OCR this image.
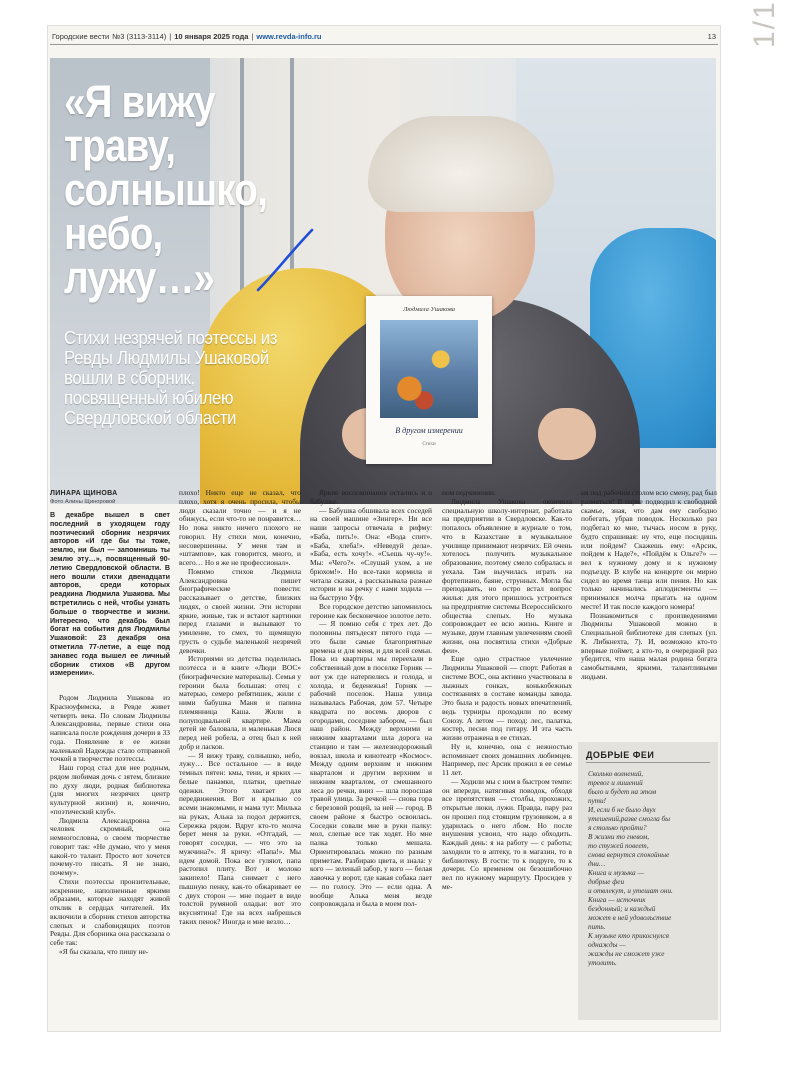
1/1
Городские вести №3 (3113-3114) | 10 января 2025 года | www.revda-info.ru	13
Людмила Ушакова
В другом измерении
Стихи
«Я вижу траву, солнышко, небо, лужу…»
Стихи незрячей поэтессы из Ревды Людмилы Ушаковой вошли в сборник, посвященный юбилею Свердловской области
ЛИНАРА ЩИНОВА
Фото Алины Щиноровой
В декабре вышел в свет последний в уходящем году поэтический сборник незрячих авторов «И где бы ты тоже, землю, ни был — запомнишь ты землю эту…», посвященный 90-летию Свердловской области. В него вошли стихи двенадцати авторов, среди которых реадкина Людмила Ушакова. Мы встретились с ней, чтобы узнать больше о творчестве и жизни. Интересно, что декабрь был богат на события для Людмилы Ушаковой: 23 декабря она отметила 77-летие, а еще под занавес года вышел ее личный сборник стихов «В другом измерении».

Родом Людмила Ушакова из Красноуфимска, в Ревде живет четверть века. По словам Людмилы Александровны, первые стихи она написала после рождения дочери в 33 года. Появление в ее жизни маленькой Надежды стало отправной точкой в творчестве поэтессы.

Наш город стал для нее родным, рядом любимая дочь с зятем, близкие по духу люди, родная библиотека (для многих незрячих центр культурной жизни) и, конечно, «поэтический клуб».

Людмила Александровна — человек скромный, она немногословна, о своем творчестве говорит так: «Не думаю, что у меня какой-то талант. Просто вот хочется почему-то писать. Я не знаю, почему».

Стихи поэтессы пронзительные, искренние, наполненные яркими образами, которые находят живой отклик в сердцах читателей. Их включили в сборник стихов авторства слепых и слабовидящих поэтов Ревды. Для сборника она рассказала о себе так:

«Я бы сказала, что пишу не-

плохо! Никто еще не сказал, что плохо, хотя я очень просила, чтобы люди сказали точно — и я не обижусь, если что-то не понравится… Но пока никто ничего плохого не говорил. Ну стихи мои, конечно, несовершенны. У меня там и «штампов», как говорится, много, и всего… Но я же не профессионал».

Помимо стихов Людмила Александровна пишет биографические повести: рассказывает о детстве, близких людях, о своей жизни. Эти истории яркие, живые, так и встают картинки перед глазами и вызывают то умиление, то смех, то щемящую грусть о судьбе маленькой незрячей девочки.

Историями из детства поделилась поэтесса и в книге «Люди ВОС» (биографические материалы). Семья у героини была большая: отец с матерью, семеро ребятишек, жили с ними бабушка Маня и папина племянница Каша. Жили в полуподвальной квартире. Мама детей не баловала, и маленькая Люся перед ней робела, а отец был к ней добр и ласков.

— Я вижу траву, солнышко, небо, лужу… Все остальное — в виде темных пятен: кмы, тени, и ярких — белые панамки, платки, цветные одежки. Этого хватает для передвижения. Вот и крылью со всеми знакомыми, и мама тут: Милька на руках, Алька за подол держится, Сережка рядом. Вдруг кто-то молча берет меня за руки. «Отгадай, — говорят соседки, — что это за мужчина?». Я кричу: «Папа!». Мы идем домой. Пока все гуляют, папа растопил плиту. Вот и молоко закипело! Папа снимает с него пышную пенку, как-то обжаривает ее с двух сторон — мне подает в виде толстой румяной оладьи: вот это вкуснятина! Где на всех набрешься таких пенок? Иногда и мне везло…

Яркие воспоминания остались и о бабушке.

— Бабушка обшивала всех соседей на своей машине «Зингер». Ни все наши запросы отвечала в рифму: «Баба, пить!». Она: «Вода спит». «Баба, хлеба!». «Неведуй дела». «Баба, есть хочу!». «Съешь чу-чу!». Мы: «Чего?». «Слушай ухом, а не брюхом!». Но все-таки кормила и читала сказки, а рассказывала разные истории и на речку с нами ходила — на быструю Уфу.

Все городское детство запомнилось героине как бесконечное золотое лето.

— Я помню себя с трех лет. До половины пятьдесят пятого года — это были самые благоприятные времена и для меня, и для всей семьи. Пока из квартиры мы переехали в собственный дом в поселке Горняк — вот уж где натерпелись и голода, и холода, и беденежья! Горняк — рабочий поселок. Наша улица называлась Рабочая, дом 57. Четыре квадрата по восемь дворов с огородами, соседние забором, — был наш район. Между верхними и нижним кварталами шла дорога на станцию и там — железнодорожный вокзал, школа и кинотеатр «Космос». Между одним верхним и нижним кварталом и другим верхним и нижним кварталом, от смешанного леса до речки, вниз — шла поросшая травой улица. За речкой — снова гора с березовой рощей, за ней — город. В своем районе я быстро освоилась. Соседки совали мне в руки палку: мол, слепые все так ходят. Но мне палка только мешала. Ориентировалась можно по разным приметам. Разбираю цвета, и знала: у кого — зеленый забор, у кого — белая лавочка у ворот, где какая собака лает — по голосу. Это — если одна. А вообще Алька меня везде сопровождала и была в моем пол-

ном подчинении.

Людмила Ушакова окончила специальную школу-интернат, работала на предприятии в Свердловске. Как-то попалось объявление в журнале о том, что в Казахстане в музыкальное училище принимают незрячих. Ей очень хотелось получить музыкальное образование, поэтому смело собралась и уехала. Там выучилась играть на фортепиано, баяне, струнных. Могла бы преподавать, но остро встал вопрос жилья: для этого пришлось устроиться на предприятие системы Всероссийского общества слепых. Но музыка сопровождает ее всю жизнь. Книге и музыке, двум главным увлечениям своей жизни, она посвятила стихи «Добрые феи».

Еще одно страстное увлечение Людмилы Ушаковой — спорт. Работая в системе ВОС, она активно участвовала в лыжных гонках, конькобежных состязаниях в составе команды завода. Это была и радость новых впечатлений, ведь турниры проходили по всему Союзу. А летом — поход: лес, палатка, костер, песни под гитару. И эта часть жизни отражена в ее стихах.

Ну и, конечно, она с нежностью вспоминает своих домашних любимцев. Например, пес Арсик прожил в ее семье 11 лет.

— Ходили мы с ним в быстром темпе: он впереди, натягивая поводок, обходя все препятствия — столбы, прохожих, открытые люки, лужи. Правда, пару раз он прошел под стоящим грузовиком, а я ударилась о него лбом. Но после внушения усвоил, что надо обходить. Каждый день: я на работу — с работы; заходили то в аптеку, то в магазин, то в библиотеку. В гости: то к подруге, то к дочери. Со временем он безошибочно вел по нужному маршруту. Просидев у ме-

ня под рабочим столом всю смену, рад был размяться! В парке подводил к свободной скамье, зная, что дам ему свободно побегать, убрав поводок. Несколько раз подбегал ко мне, тычась носом в руку, будто спрашивая: ну что, еще посидишь или пойдем? Скажешь ему: «Арсик, пойдем к Наде?», «Пойдём к Ольге?» — вел к нужному дому и к нужному подъезду. В клубе на концерте он мирно сидел во время танца или пения. Но как только начинались аплодисменты — принимался молча прыгать на одном месте! И так после каждого номера!

Познакомиться с произведениями Людмилы Ушаковой можно в Специальной библиотеке для слепых (ул. К. Либкнехта, 7). И, возможно кто-то впервые поймет, а кто-то, в очередной раз убедится, что наша малая родина богата самобытными, яркими, талантливыми людьми.

ДОБРЫЕ ФЕИ
Сколько волнений,
тревог и лишений
было и будет на этом
пути!
И, если б не было двух
утешений,разве смогла бы
я столько пройти?
В жизни то гневом,
то стужей повеет,
снова вернутся спокойные
дни…
Книга и музыка —
добрые феи
и отвлекут, и утешат они.
Книга — источник
бездонный; и каждый
может в ней удовольствие
пить.
К музыке кто прикоснулся
однажды —
жажды не сможет уже
утолить.
